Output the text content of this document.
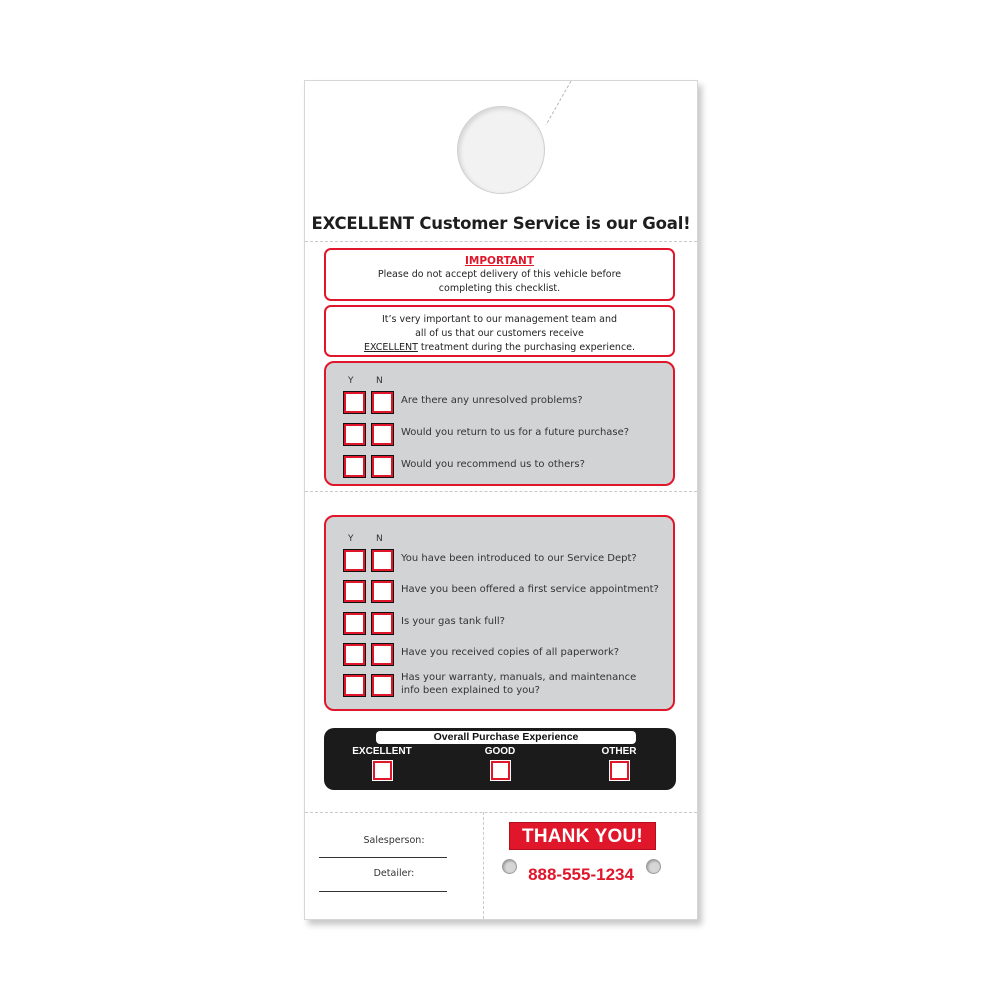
EXCELLENT Customer Service is our Goal!
IMPORTANT
Please do not accept delivery of this vehicle before
completing this checklist.
It’s very important to our management team and
all of us that our customers receive
EXCELLENT treatment during the purchasing experience.
Y	N
Are there any unresolved problems?
Would you return to us for a future purchase?
Would you recommend us to others?
Y	N
You have been introduced to our Service Dept?
Have you been offered a first service appointment?
Is your gas tank full?
Have you received copies of all paperwork?
Has your warranty, manuals, and maintenance info been explained to you?
Overall Purchase Experience
EXCELLENT	GOOD	OTHER
Salesperson:
Detailer:
THANK YOU!
888-555-1234
